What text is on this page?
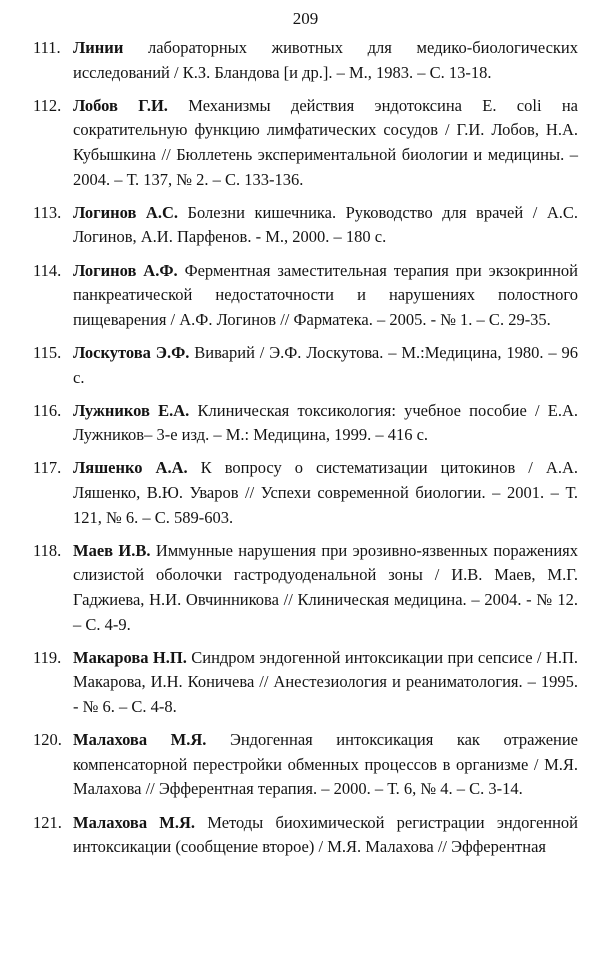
209
111. Линии лабораторных животных для медико-биологических исследований / К.З. Бландова [и др.]. – М., 1983. – С. 13-18.
112. Лобов Г.И. Механизмы действия эндотоксина E. coli на сократительную функцию лимфатических сосудов / Г.И. Лобов, Н.А. Кубышкина // Бюллетень экспериментальной биологии и медицины. – 2004. – Т. 137, № 2. – С. 133-136.
113. Логинов А.С. Болезни кишечника. Руководство для врачей / А.С. Логинов, А.И. Парфенов. - М., 2000. – 180 с.
114. Логинов А.Ф. Ферментная заместительная терапия при экзокринной панкреатической недостаточности и нарушениях полостного пищеварения / А.Ф. Логинов // Фарматека. – 2005. - № 1. – С. 29-35.
115. Лоскутова Э.Ф. Виварий / Э.Ф. Лоскутова. – М.:Медицина, 1980. – 96 с.
116. Лужников Е.А. Клиническая токсикология: учебное пособие / Е.А. Лужников– 3-е изд. – М.: Медицина, 1999. – 416 с.
117. Ляшенко А.А. К вопросу о систематизации цитокинов / А.А. Ляшенко, В.Ю. Уваров // Успехи современной биологии. – 2001. – Т. 121, № 6. – С. 589-603.
118. Маев И.В. Иммунные нарушения при эрозивно-язвенных поражениях слизистой оболочки гастродуоденальной зоны / И.В. Маев, М.Г. Гаджиева, Н.И. Овчинникова // Клиническая медицина. – 2004. - № 12. – С. 4-9.
119. Макарова Н.П. Синдром эндогенной интоксикации при сепсисе / Н.П. Макарова, И.Н. Коничева // Анестезиология и реаниматология. – 1995. - № 6. – С. 4-8.
120. Малахова М.Я. Эндогенная интоксикация как отражение компенсаторной перестройки обменных процессов в организме / М.Я. Малахова // Эфферентная терапия. – 2000. – Т. 6, № 4. – С. 3-14.
121. Малахова М.Я. Методы биохимической регистрации эндогенной интоксикации (сообщение второе) / М.Я. Малахова // Эфферентная
